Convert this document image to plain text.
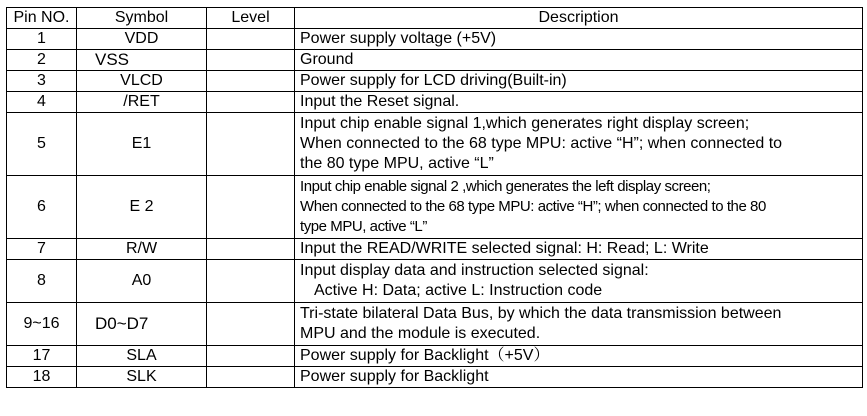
Pin NO.	Symbol	Level	Description
1	VDD		Power supply voltage (+5V)

2	VSS		Ground

3	VLCD		Power supply for LCD driving(Built-in)

4	/RET		Input the Reset signal.

5	E1		Input chip enable signal 1,which generates right display screen;
When connected to the 68 type MPU: active “H”; when connected to
the 80 type MPU, active “L”

6	E 2		Input chip enable signal 2 ,which generates the left display screen;
When connected to the 68 type MPU: active “H”; when connected to the 80
type MPU, active “L”

7	R/W		Input the READ/WRITE selected signal: H: Read; L: Write

8	A0		Input display data and instruction selected signal:
Active H: Data; active L: Instruction code

9~16	D0~D7		Tri-state bilateral Data Bus, by which the data transmission between
MPU and the module is executed.

17	SLA		Power supply for Backlight（+5V）

18	SLK		Power supply for Backlight
